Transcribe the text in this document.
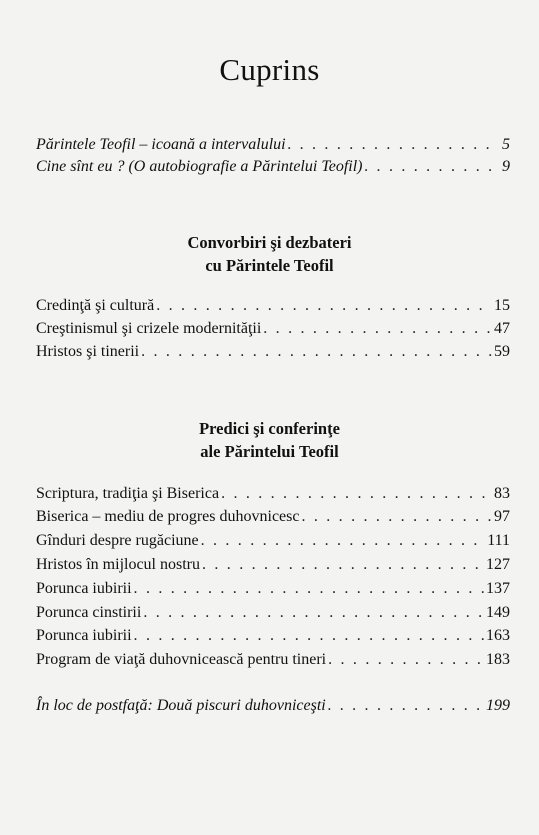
Cuprins
Părintele Teofil – icoană a intervalului . . .	5
Cine sînt eu ? (O autobiografie a Părintelui Teofil) . . .	9
Convorbiri şi dezbateri
cu Părintele Teofil
Credinţă şi cultură . . .	15
Creştinismul şi crizele modernităţii . . .	47
Hristos şi tinerii . . .	59
Predici şi conferinţe
ale Părintelui Teofil
Scriptura, tradiţia şi Biserica . . .	83
Biserica – mediu de progres duhovnicesc . . .	97
Gînduri despre rugăciune . . .	111
Hristos în mijlocul nostru . . .	127
Porunca iubirii . . .	137
Porunca cinstirii . . .	149
Porunca iubirii . . .	163
Program de viaţă duhovnicească pentru tineri . . .	183
În loc de postfaţă: Două piscuri duhovniceşti . . .	199
